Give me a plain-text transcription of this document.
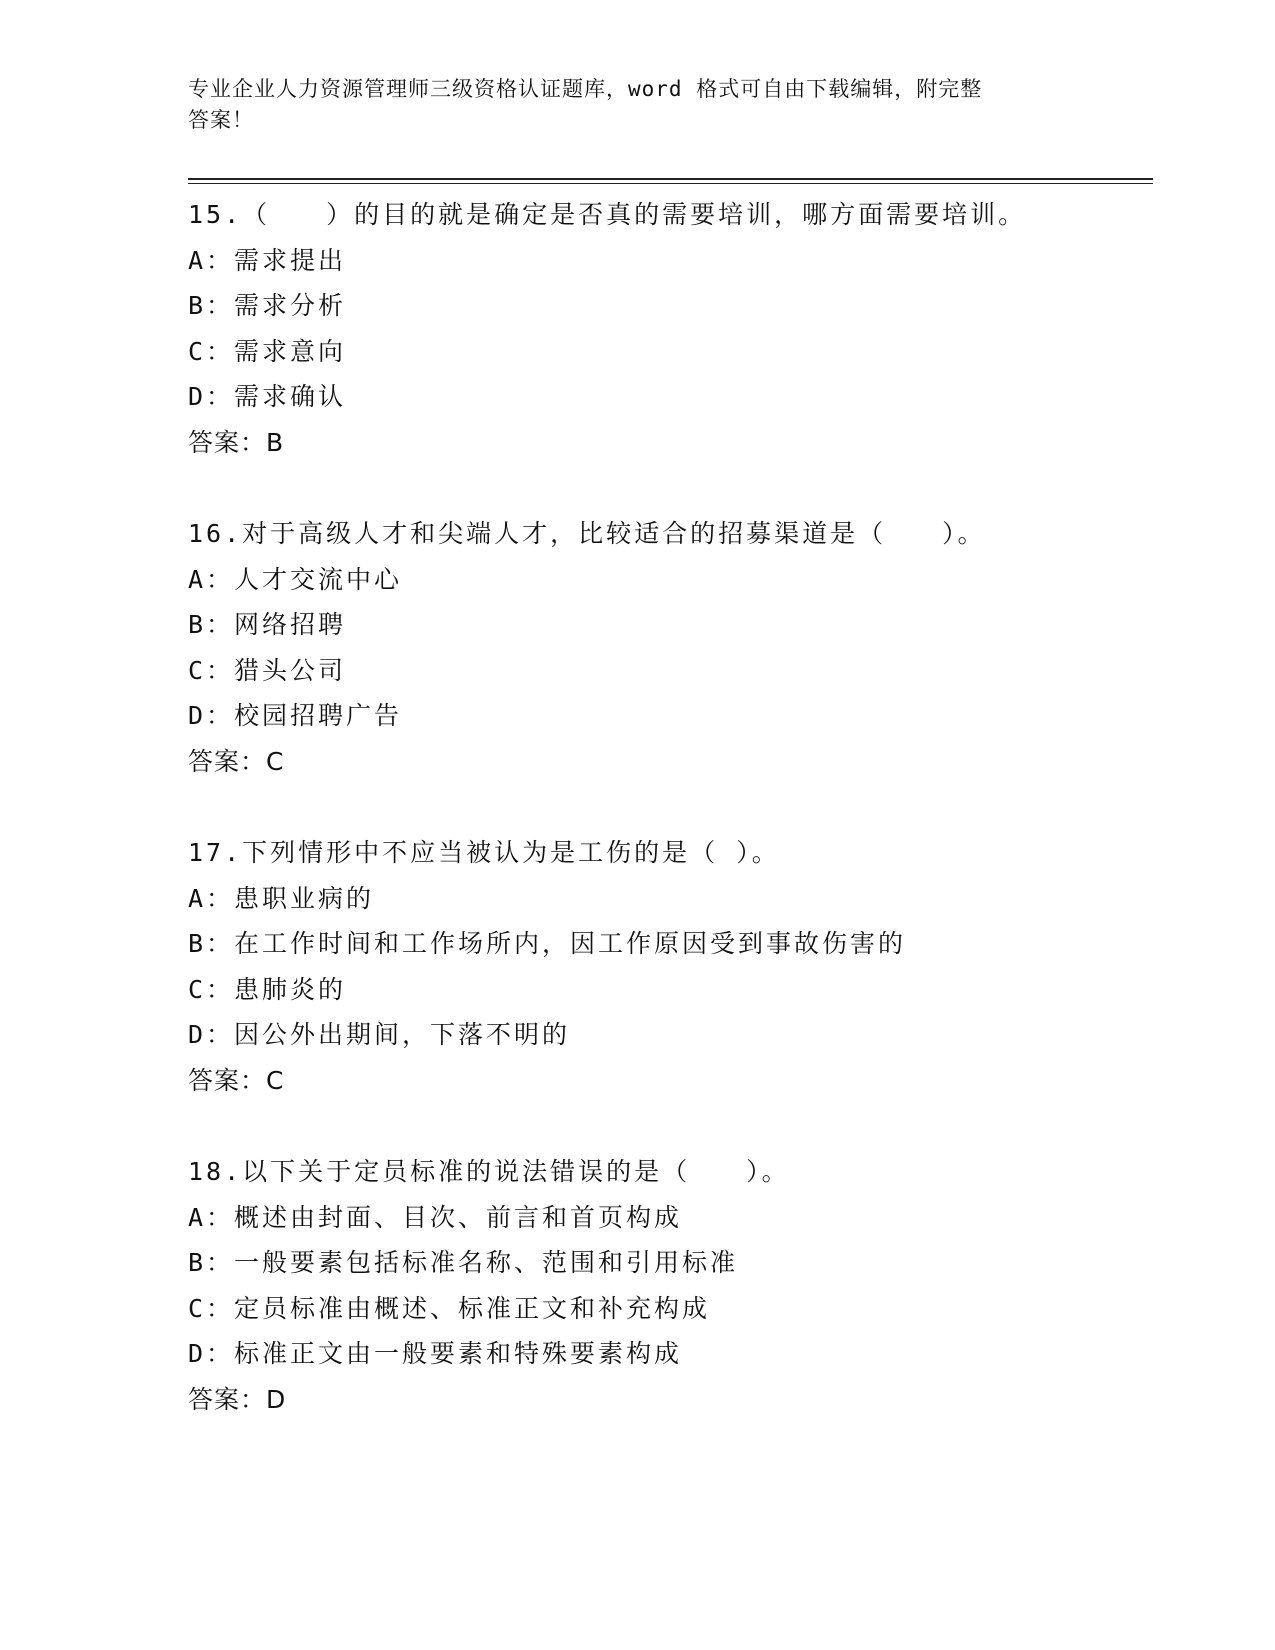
专业企业人力资源管理师三级资格认证题库，word 格式可自由下载编辑，附完整
答案！
15.（　　）的目的就是确定是否真的需要培训，哪方面需要培训。
A：需求提出
B：需求分析
C：需求意向
D：需求确认
答案：B
16.对于高级人才和尖端人才，比较适合的招募渠道是（　　）。
A：人才交流中心
B：网络招聘
C：猎头公司
D：校园招聘广告
答案：C
17.下列情形中不应当被认为是工伤的是（ ）。
A：患职业病的
B：在工作时间和工作场所内，因工作原因受到事故伤害的
C：患肺炎的
D：因公外出期间，下落不明的
答案：C
18.以下关于定员标准的说法错误的是（　　）。
A：概述由封面、目次、前言和首页构成
B：一般要素包括标准名称、范围和引用标准
C：定员标准由概述、标准正文和补充构成
D：标准正文由一般要素和特殊要素构成
答案：D
